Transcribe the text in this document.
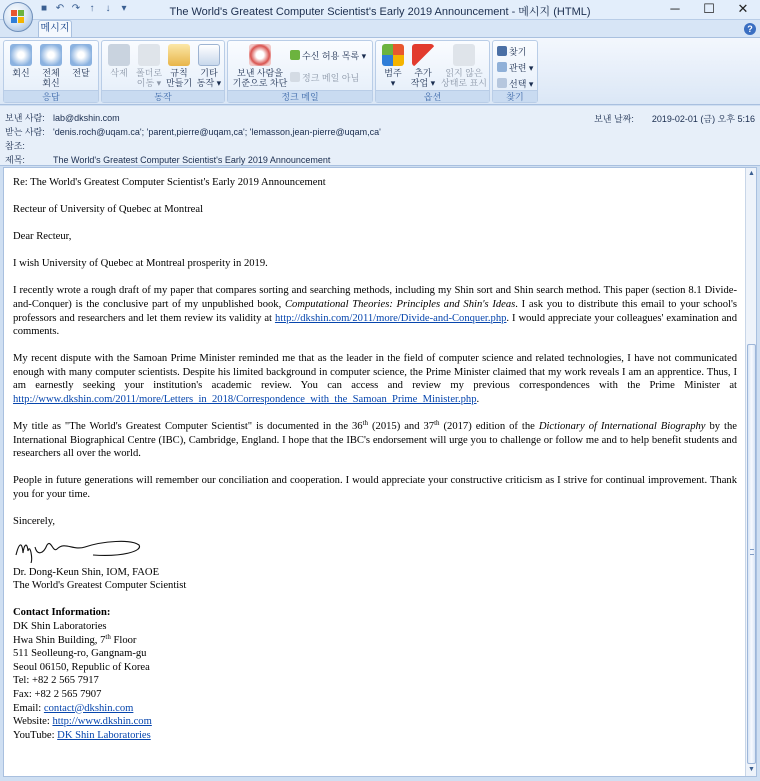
The World's Greatest Computer Scientist's Early 2019 Announcement - 메시지 (HTML)
■ ↶ ↷ ↑	↓	▾	─	☐	✕
메시지	?
회신	전체
회신
전달
응답
삭제 폴더로
이동 ▾
규칙
만들기
기타
동작 ▾
동작
보낸 사람을
기준으로 차단
수신 허용 목록 ▾
정크 메일 아님
정크 메일
범주
▾
추가
작업 ▾
읽지 않은
상태로 표시
옵션
찾기
관련 ▾
선택 ▾
찾기
보낸 사람: lab@dkshin.com
받는 사람: 'denis.roch@uqam.ca'; 'parent,pierre@uqam,ca'; 'lemasson,jean-pierre@uqam,ca'
참조:
제목:	The World's Greatest Computer Scientist's Early 2019 Announcement
보낸 날짜: 2019-02-01 (금) 오후 5:16

Re: The World's Greatest Computer Scientist's Early 2019 Announcement

Recteur of University of Quebec at Montreal

Dear Recteur,

I wish University of Quebec at Montreal prosperity in 2019.

I recently wrote a rough draft of my paper that compares sorting and searching methods, including my Shin sort and Shin search method. This paper (section 8.1 Divide-and-Conquer) is the conclusive part of my unpublished book, Computational Theories: Principles and Shin's Ideas. I ask you to distribute this email to your school's professors and researchers and let them review its validity at http://dkshin.com/2011/more/Divide-and-Conquer.php. I would appreciate your colleagues' examination and comments.

My recent dispute with the Samoan Prime Minister reminded me that as the leader in the field of computer science and related technologies, I have not communicated enough with many computer scientists. Despite his limited background in computer science, the Prime Minister claimed that my work reveals I am an apprentice. Thus, I am earnestly seeking your institution's academic review. You can access and review my previous correspondences with the Prime Minister at http://www.dkshin.com/2011/more/Letters_in_2018/Correspondence_with_the_Samoan_Prime_Minister.php.

My title as "The World's Greatest Computer Scientist" is documented in the 36th (2015) and 37th (2017) edition of the Dictionary of International Biography by the International Biographical Centre (IBC), Cambridge, England. I hope that the IBC's endorsement will urge you to challenge or follow me and to help benefit students and researchers all over the world.

People in future generations will remember our conciliation and cooperation. I would appreciate your constructive criticism as I strive for continual improvement. Thank you for your time.

Sincerely,
Dr. Dong-Keun Shin, IOM, FAOE
The World's Greatest Computer Scientist
Contact Information:
DK Shin Laboratories
Hwa Shin Building, 7th Floor
511 Seolleung-ro, Gangnam-gu
Seoul 06150, Republic of Korea
Tel: +82 2 565 7917
Fax: +82 2 565 7907
Email: contact@dkshin.com
Website: http://www.dkshin.com
YouTube: DK Shin Laboratories
▲
▼
